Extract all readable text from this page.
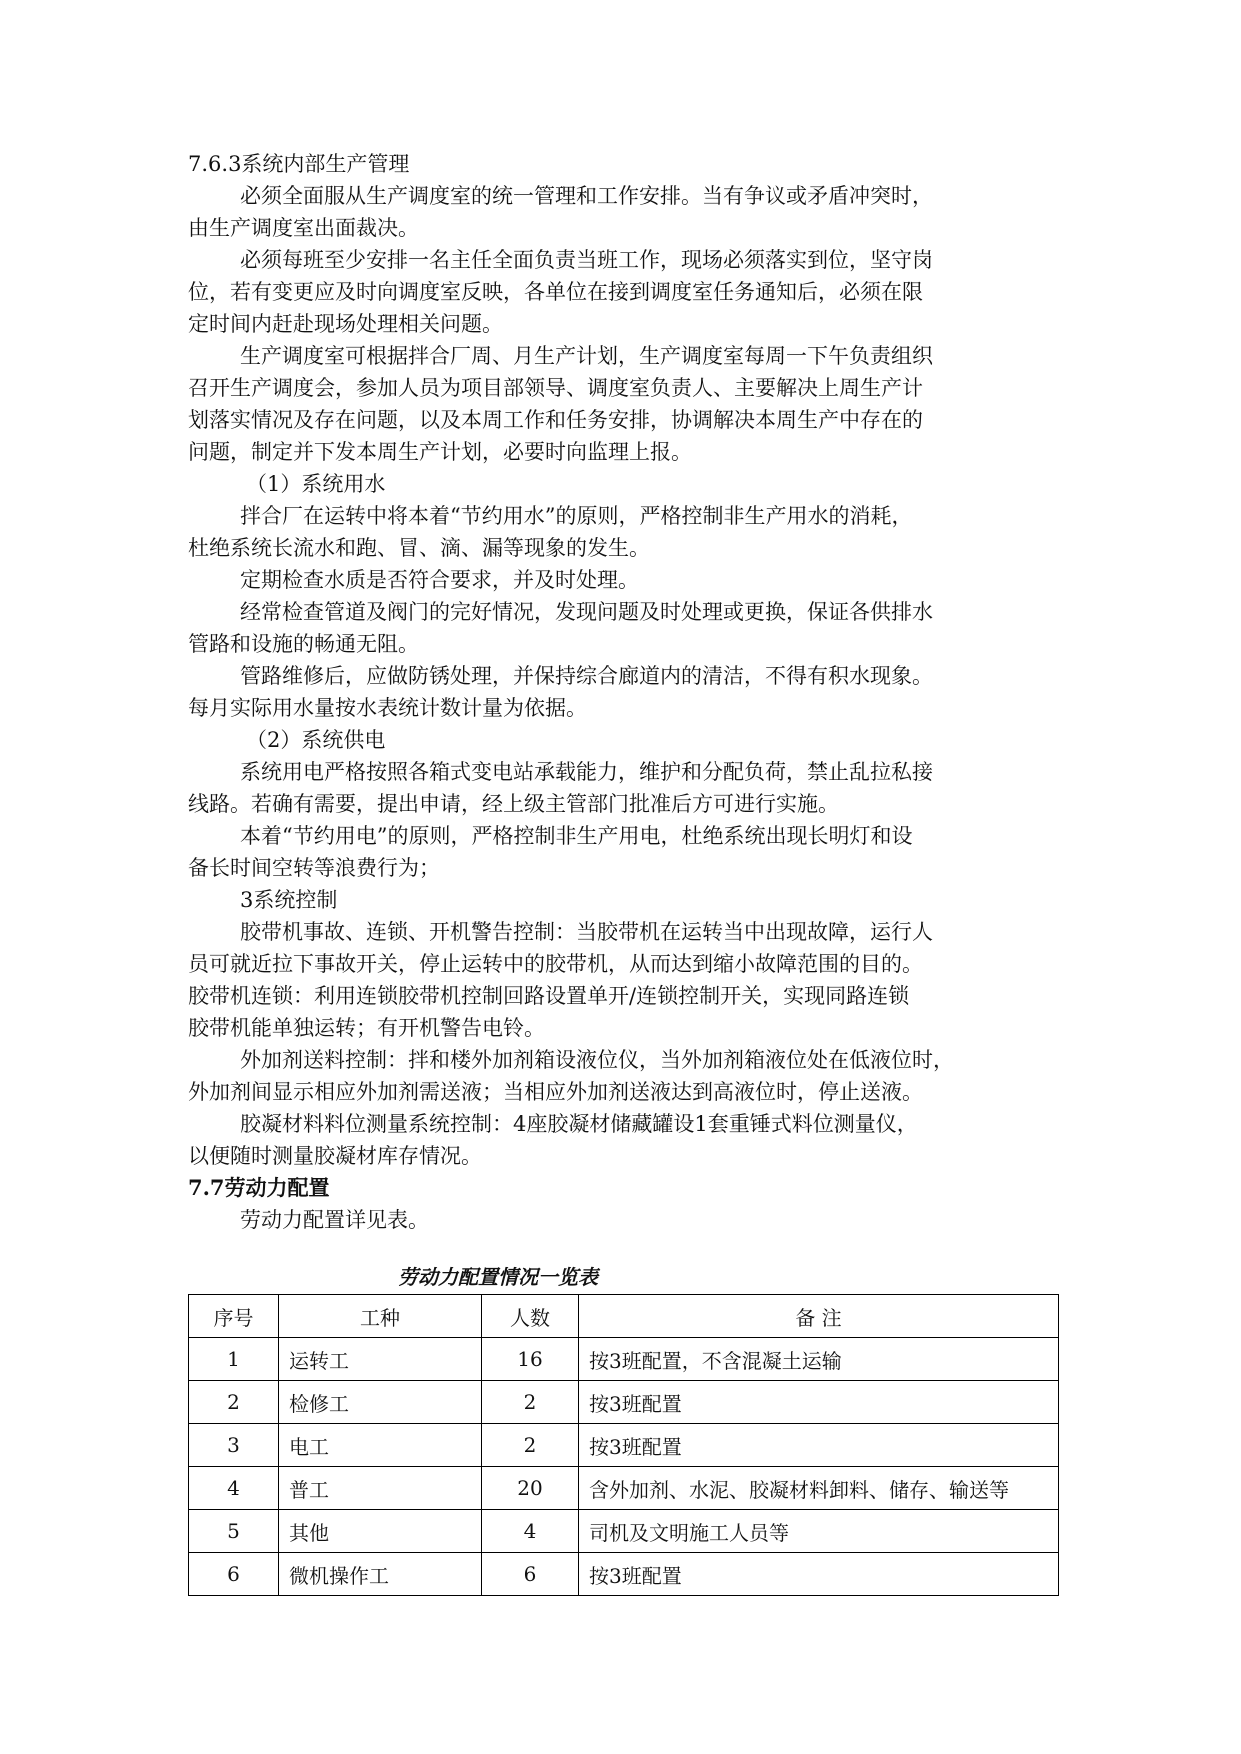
7.6.3系统内部生产管理
必须全面服从生产调度室的统一管理和工作安排。当有争议或矛盾冲突时，
由生产调度室出面裁决。
必须每班至少安排一名主任全面负责当班工作，现场必须落实到位，坚守岗
位，若有变更应及时向调度室反映，各单位在接到调度室任务通知后，必须在限
定时间内赶赴现场处理相关问题。
生产调度室可根据拌合厂周、月生产计划，生产调度室每周一下午负责组织
召开生产调度会，参加人员为项目部领导、调度室负责人、主要解决上周生产计
划落实情况及存在问题，以及本周工作和任务安排，协调解决本周生产中存在的
问题，制定并下发本周生产计划，必要时向监理上报。
（1）系统用水
拌合厂在运转中将本着“节约用水”的原则，严格控制非生产用水的消耗，
杜绝系统长流水和跑、冒、滴、漏等现象的发生。
定期检查水质是否符合要求，并及时处理。
经常检查管道及阀门的完好情况，发现问题及时处理或更换，保证各供排水
管路和设施的畅通无阻。
管路维修后，应做防锈处理，并保持综合廊道内的清洁，不得有积水现象。
每月实际用水量按水表统计数计量为依据。
（2）系统供电
系统用电严格按照各箱式变电站承载能力，维护和分配负荷，禁止乱拉私接
线路。若确有需要，提出申请，经上级主管部门批准后方可进行实施。
本着“节约用电”的原则，严格控制非生产用电，杜绝系统出现长明灯和设
备长时间空转等浪费行为；
3系统控制
胶带机事故、连锁、开机警告控制：当胶带机在运转当中出现故障，运行人
员可就近拉下事故开关，停止运转中的胶带机，从而达到缩小故障范围的目的。
胶带机连锁：利用连锁胶带机控制回路设置单开/连锁控制开关，实现同路连锁
胶带机能单独运转；有开机警告电铃。
外加剂送料控制：拌和楼外加剂箱设液位仪，当外加剂箱液位处在低液位时，
外加剂间显示相应外加剂需送液；当相应外加剂送液达到高液位时，停止送液。
胶凝材料料位测量系统控制：4座胶凝材储藏罐设1套重锤式料位测量仪，
以便随时测量胶凝材库存情况。
7.7劳动力配置
劳动力配置详见表。
劳动力配置情况一览表
序号	工种	人数	备 注
1	运转工	16	按3班配置，不含混凝土运输
2	检修工	2	按3班配置
3	电工	2	按3班配置
4	普工	20	含外加剂、水泥、胶凝材料卸料、储存、输送等
5	其他	4	司机及文明施工人员等
6	微机操作工	6	按3班配置
